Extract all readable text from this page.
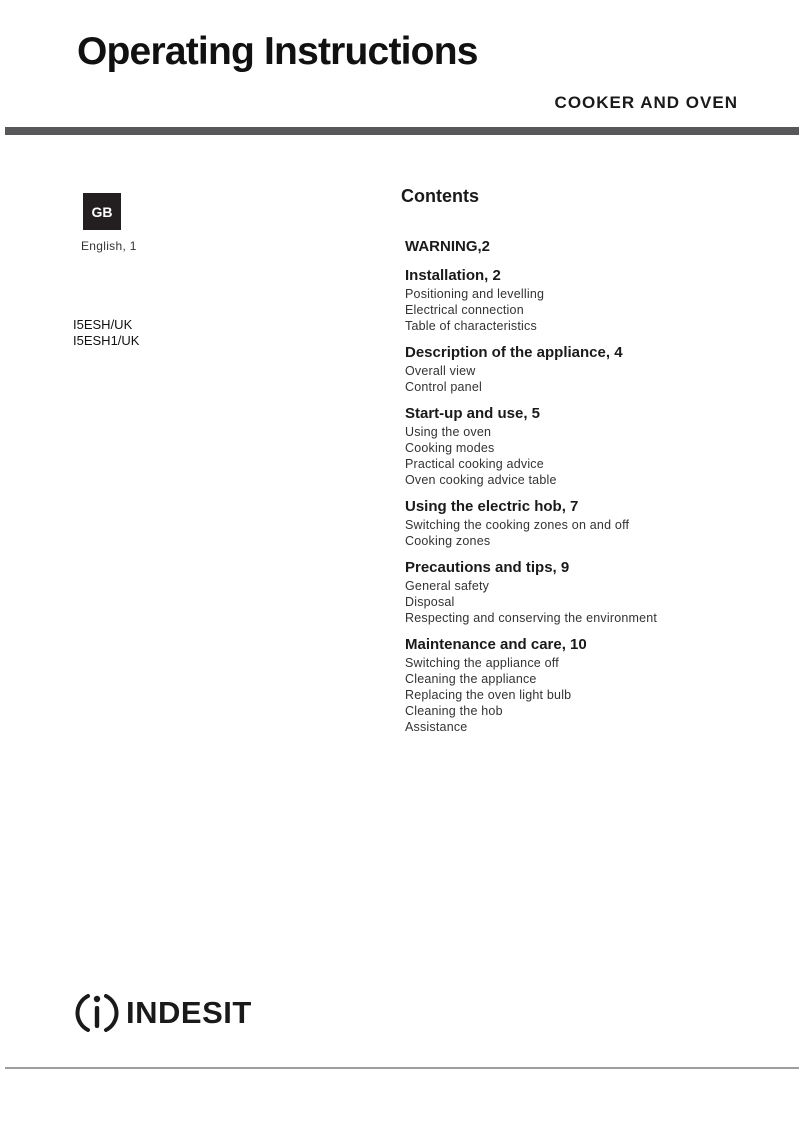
Operating Instructions
COOKER AND OVEN
GB
English, 1
I5ESH/UK
I5ESH1/UK
Contents
WARNING,2
Installation, 2
Positioning and levelling
Electrical connection
Table of characteristics
Description of the appliance, 4
Overall view
Control panel
Start-up and use, 5
Using the oven
Cooking modes
Practical cooking advice
Oven cooking advice table
Using the electric hob, 7
Switching the cooking zones on and off
Cooking zones
Precautions and tips, 9
General safety
Disposal
Respecting and conserving the environment
Maintenance and care, 10
Switching the appliance off
Cleaning the appliance
Replacing the oven light bulb
Cleaning the hob
Assistance
INDESIT
